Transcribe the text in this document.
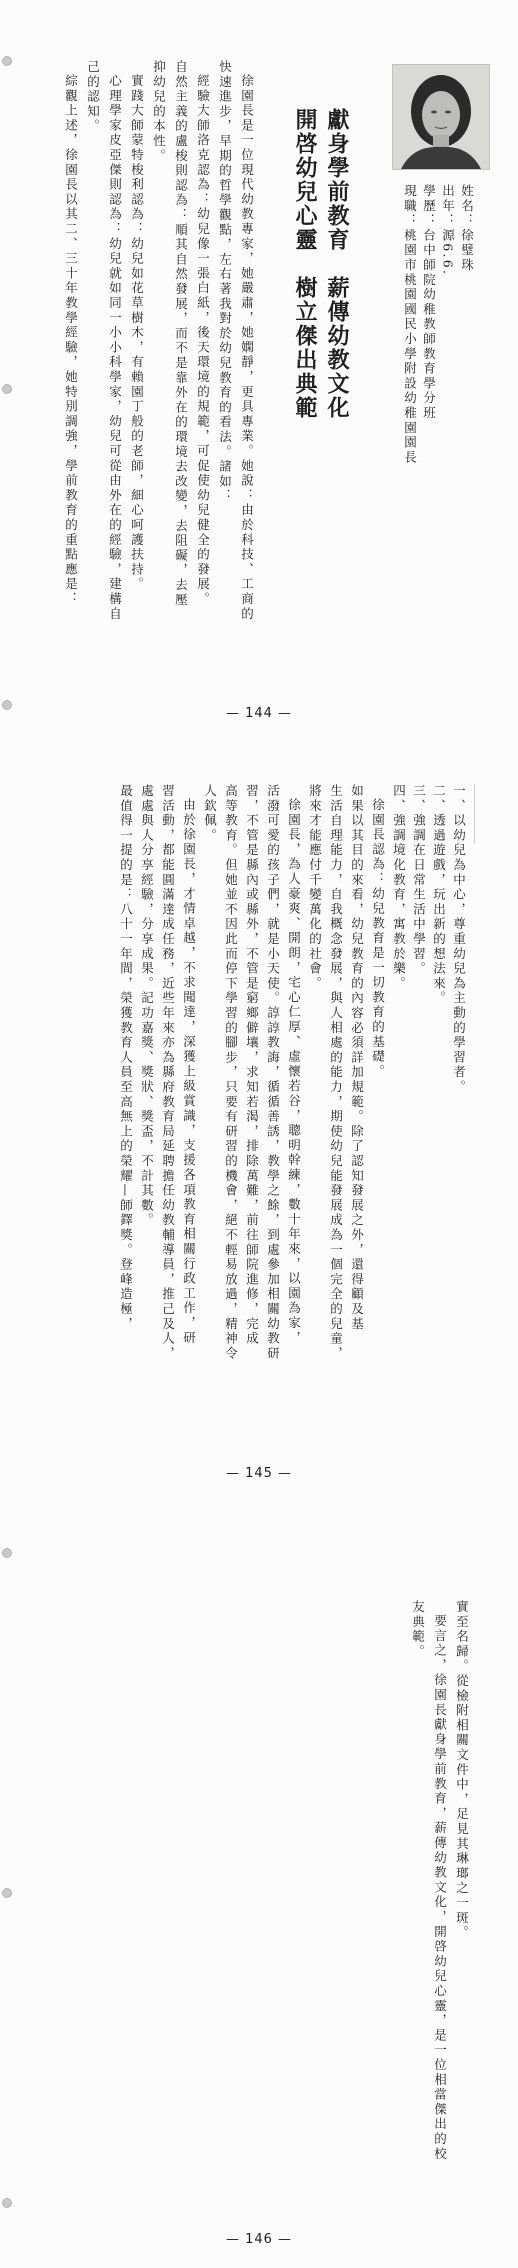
姓名：徐璧珠
出年：源6.6.
學歷：台中師院幼稚教師教育學分班
現職：桃園市桃園國民小學附設幼稚園園長
獻身學前教育　薪傳幼教文化
開啓幼兒心靈　樹立傑出典範
徐園長是一位現代幼教專家，她嚴肅，她嫻靜，更具專業。她說：由於科技、工商的
快速進步，早期的哲學觀點，左右著我對於幼兒教育的看法。諸如：
經驗大師洛克認為：幼兒像一張白紙，後天環境的規範，可促使幼兒健全的發展。
自然主義的盧梭則認為：順其自然發展，而不是靠外在的環境去改變，去阻礙，去壓
抑幼兒的本性。
實踐大師蒙特梭利認為：幼兒如花草樹木，有賴園丁般的老師，細心呵護扶持。
心理學家皮亞傑則認為：幼兒就如同一小小科學家，幼兒可從由外在的經驗，建構自
己的認知。
綜觀上述，徐園長以其二、三十年教學經驗，她特別調強，學前教育的重點應是：
— 144 —
一、以幼兒為中心，尊重幼兒為主動的學習者。
二、透過遊戲，玩出新的想法來。
三、強調在日常生活中學習。
四、強調境化教育，寓教於樂。
徐園長認為：幼兒教育是一切教育的基礎。
如果以其目的來看，幼兒教育的內容必須詳加規範。除了認知發展之外，還得顧及基
生活自理能力，自我概念發展，與人相處的能力，期使幼兒能發展成為一個完全的兒童，
將來才能應付千變萬化的社會。
徐園長，為人豪爽、開朗，宅心仁厚、虛懷若谷，聰明幹練，數十年來，以園為家，
活潑可愛的孩子們，就是小天使。諄諄教誨，循循善誘，教學之餘，到處參加相關幼教研
習，不管是縣內或縣外，不管是窮鄉僻壤，求知若渴，排除萬難，前往師院進修，完成
高等教育。但她並不因此而停下學習的腳步，只要有研習的機會，絕不輕易放過，精神令
人欽佩。
由於徐園長，才情卓越，不求聞達，深獲上級賞識，支援各項教育相關行政工作，研
習活動，都能圓滿達成任務，近些年來亦為縣府教育局延聘擔任幼教輔導員，推己及人，
處處與人分享經驗，分享成果。記功嘉獎、獎狀、獎盃，不計其數。
最值得一提的是：八十一年間，榮獲教育人員至高無上的榮耀—師鐸獎。登峰造極，
— 145 —
實至名歸。從檢附相關文件中，足見其琳瑯之一斑。
要言之，徐園長獻身學前教育，薪傳幼教文化，開啓幼兒心靈，是一位相當傑出的校
友典範。
— 146 —
